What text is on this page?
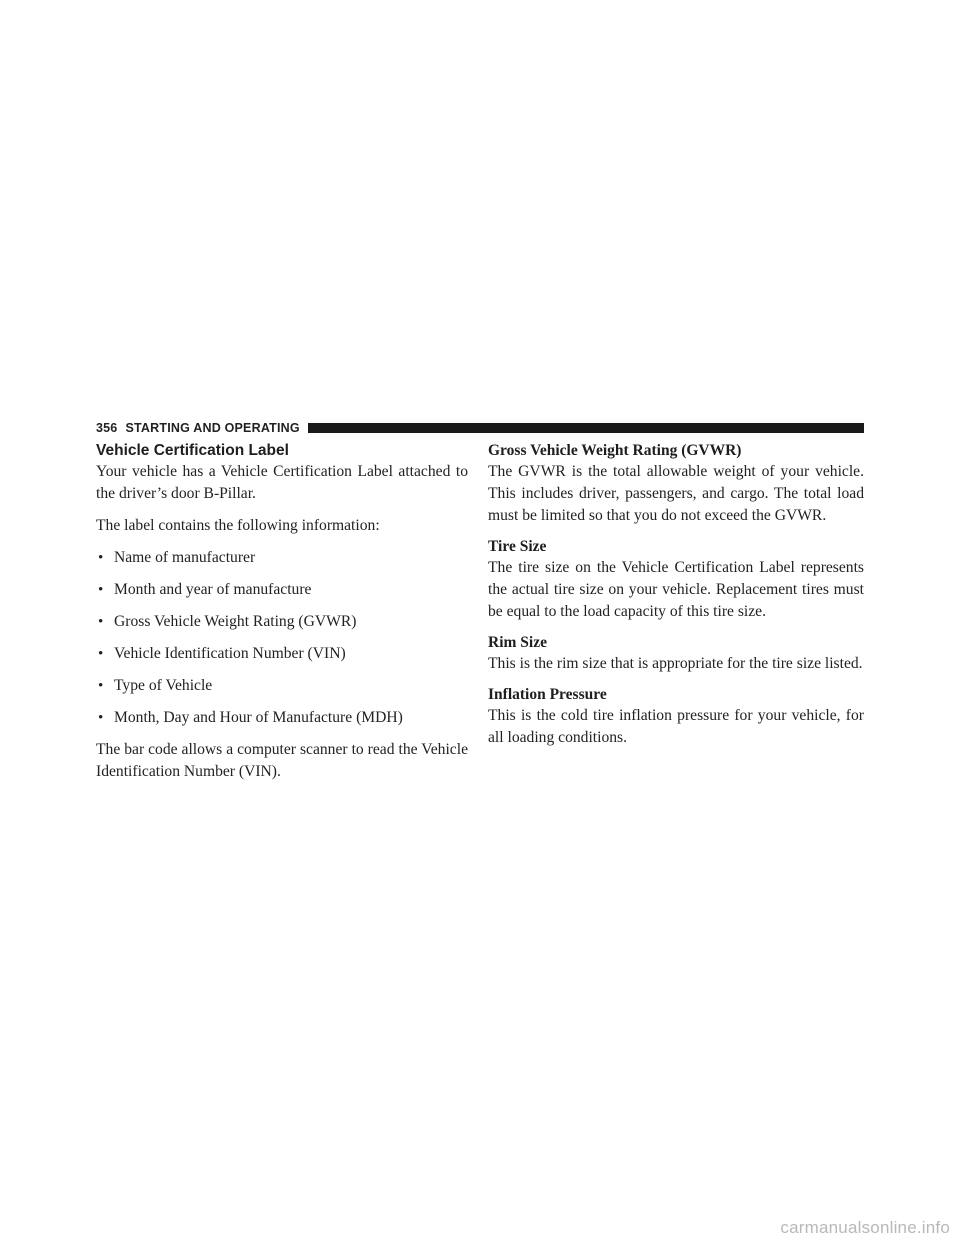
356 STARTING AND OPERATING
Vehicle Certification Label

Your vehicle has a Vehicle Certification Label attached to the driver’s door B-Pillar.

The label contains the following information:

• Name of manufacturer
• Month and year of manufacture
• Gross Vehicle Weight Rating (GVWR)
• Vehicle Identification Number (VIN)
• Type of Vehicle
• Month, Day and Hour of Manufacture (MDH)

The bar code allows a computer scanner to read the Vehicle Identification Number (VIN).

Gross Vehicle Weight Rating (GVWR)

The GVWR is the total allowable weight of your vehicle. This includes driver, passengers, and cargo. The total load must be limited so that you do not exceed the GVWR.

Tire Size

The tire size on the Vehicle Certification Label represents the actual tire size on your vehicle. Replacement tires must be equal to the load capacity of this tire size.

Rim Size

This is the rim size that is appropriate for the tire size listed.

Inflation Pressure

This is the cold tire inflation pressure for your vehicle, for all loading conditions.

carmanualsonline.info
